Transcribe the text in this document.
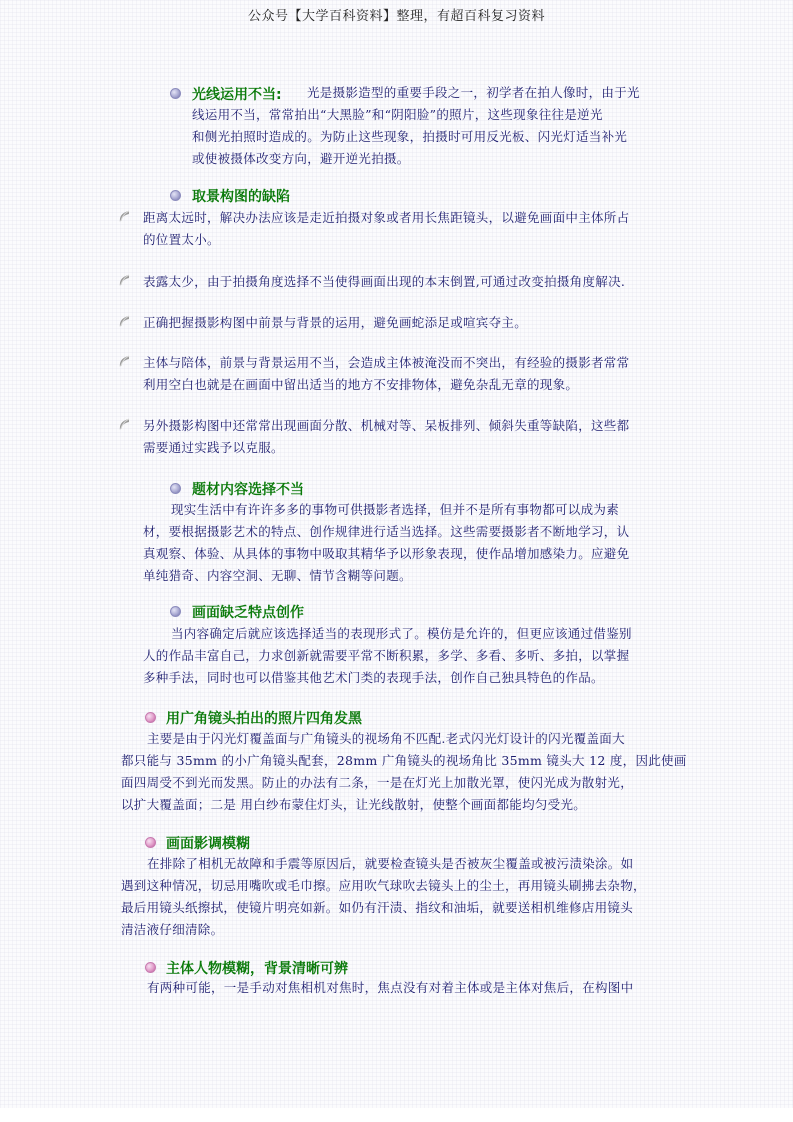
公众号【大学百科资料】整理，有超百科复习资料
光线运用不当:	光是摄影造型的重要手段之一，初学者在拍人像时，由于光
线运用不当，常常拍出“大黑脸”和“阴阳脸”的照片，这些现象往往是逆光
和侧光拍照时造成的。为防止这些现象，拍摄时可用反光板、闪光灯适当补光
或使被摄体改变方向，避开逆光拍摄。
取景构图的缺陷
距离太远时，解决办法应该是走近拍摄对象或者用长焦距镜头，以避免画面中主体所占
的位置太小。
表露太少，由于拍摄角度选择不当使得画面出现的本末倒置,可通过改变拍摄角度解决.
正确把握摄影构图中前景与背景的运用，避免画蛇添足或喧宾夺主。
主体与陪体，前景与背景运用不当，会造成主体被淹没而不突出，有经验的摄影者常常
利用空白也就是在画面中留出适当的地方不安排物体，避免杂乱无章的现象。
另外摄影构图中还常常出现画面分散、机械对等、呆板排列、倾斜失重等缺陷，这些都
需要通过实践予以克服。
题材内容选择不当
现实生活中有许许多多的事物可供摄影者选择，但并不是所有事物都可以成为素
材，要根据摄影艺术的特点、创作规律进行适当选择。这些需要摄影者不断地学习，认
真观察、体验、从具体的事物中吸取其精华予以形象表现，使作品增加感染力。应避免
单纯猎奇、内容空洞、无聊、情节含糊等问题。
画面缺乏特点创作
当内容确定后就应该选择适当的表现形式了。模仿是允许的，但更应该通过借鉴别
人的作品丰富自己，力求创新就需要平常不断积累，多学、多看、多听、多拍，以掌握
多种手法，同时也可以借鉴其他艺术门类的表现手法，创作自己独具特色的作品。
用广角镜头拍出的照片四角发黑
主要是由于闪光灯覆盖面与广角镜头的视场角不匹配.老式闪光灯设计的闪光覆盖面大
都只能与 35mm 的小广角镜头配套，28mm 广角镜头的视场角比 35mm 镜头大 12 度，因此使画
面四周受不到光而发黑。防止的办法有二条，一是在灯光上加散光罩，使闪光成为散射光，
以扩大覆盖面；二是 用白纱布蒙住灯头，让光线散射，使整个画面都能均匀受光。
画面影调模糊
在排除了相机无故障和手震等原因后，就要检查镜头是否被灰尘覆盖或被污渍染涂。如
遇到这种情况，切忌用嘴吹或毛巾擦。应用吹气球吹去镜头上的尘土，再用镜头刷拂去杂物，
最后用镜头纸擦拭，使镜片明亮如新。如仍有汗渍、指纹和油垢，就要送相机维修店用镜头
清洁液仔细清除。
主体人物模糊，背景清晰可辨
有两种可能，一是手动对焦相机对焦时，焦点没有对着主体或是主体对焦后，在构图中
